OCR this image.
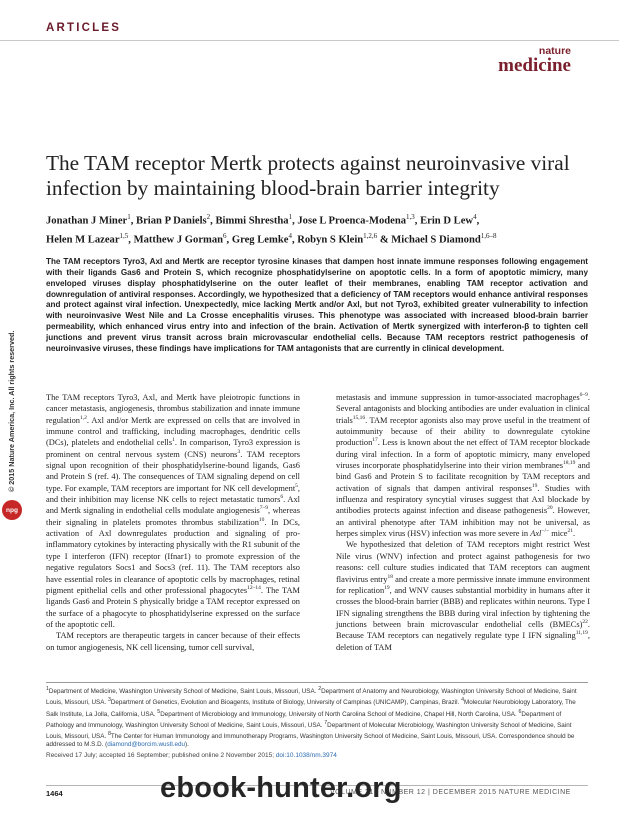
ARTICLES
nature
medicine
The TAM receptor Mertk protects against neuroinvasive viral infection by maintaining blood-brain barrier integrity
Jonathan J Miner$^1$, Brian P Daniels$^2$, Bimmi Shrestha$^1$, Jose L Proenca-Modena$^{1,3}$, Erin D Lew$^4$,
Helen M Lazear$^{1,5}$, Matthew J Gorman$^6$, Greg Lemke$^4$, Robyn S Klein$^{1,2,6}$ & Michael S Diamond$^{1,6-8}$
The TAM receptors Tyro3, Axl and Mertk are receptor tyrosine kinases that dampen host innate immune responses following engagement with their ligands Gas6 and Protein S, which recognize phosphatidylserine on apoptotic cells. In a form of apoptotic mimicry, many enveloped viruses display phosphatidylserine on the outer leaflet of their membranes, enabling TAM receptor activation and downregulation of antiviral responses. Accordingly, we hypothesized that a deficiency of TAM receptors would enhance antiviral responses and protect against viral infection. Unexpectedly, mice lacking Mertk and/or Axl, but not Tyro3, exhibited greater vulnerability to infection with neuroinvasive West Nile and La Crosse encephalitis viruses. This phenotype was associated with increased blood-brain barrier permeability, which enhanced virus entry into and infection of the brain. Activation of Mertk synergized with interferon-β to tighten cell junctions and prevent virus transit across brain microvascular endothelial cells. Because TAM receptors restrict pathogenesis of neuroinvasive viruses, these findings have implications for TAM antagonists that are currently in clinical development.

The TAM receptors Tyro3, Axl, and Mertk have pleiotropic functions in cancer metastasis, angiogenesis, thrombus stabilization and innate immune regulation$^{1,2}$. Axl and/or Mertk are expressed on cells that are involved in immune control and trafficking, including macrophages, dendritic cells (DCs), platelets and endothelial cells$^1$. In comparison, Tyro3 expression is prominent on central nervous system (CNS) neurons$^3$. TAM receptors signal upon recognition of their phosphatidylserine-bound ligands, Gas6 and Protein S (ref. 4). The consequences of TAM signaling depend on cell type. For example, TAM receptors are important for NK cell development$^5$, and their inhibition may license NK cells to reject metastatic tumors$^6$. Axl and Mertk signaling in endothelial cells modulate angiogenesis$^{7-9}$, whereas their signaling in platelets promotes thrombus stabilization$^{10}$. In DCs, activation of Axl downregulates production and signaling of pro-inflammatory cytokines by interacting physically with the R1 subunit of the type I interferon (IFN) receptor (Ifnar1) to promote expression of the negative regulators Socs1 and Socs3 (ref. 11). The TAM receptors also have essential roles in clearance of apoptotic cells by macrophages, retinal pigment epithelial cells and other professional phagocytes$^{12-14}$. The TAM ligands Gas6 and Protein S physically bridge a TAM receptor expressed on the surface of a phagocyte to phosphatidylserine expressed on the surface of the apoptotic cell.

TAM receptors are therapeutic targets in cancer because of their effects on tumor angiogenesis, NK cell licensing, tumor cell survival,

metastasis and immune suppression in tumor-associated macrophages$^{6-9}$. Several antagonists and blocking antibodies are under evaluation in clinical trials$^{15,16}$. TAM receptor agonists also may prove useful in the treatment of autoimmunity because of their ability to downregulate cytokine production$^{17}$. Less is known about the net effect of TAM receptor blockade during viral infection. In a form of apoptotic mimicry, many enveloped viruses incorporate phosphatidylserine into their virion membranes$^{18,19}$ and bind Gas6 and Protein S to facilitate recognition by TAM receptors and activation of signals that dampen antiviral responses$^{19}$. Studies with influenza and respiratory syncytial viruses suggest that Axl blockade by antibodies protects against infection and disease pathogenesis$^{20}$. However, an antiviral phenotype after TAM inhibition may not be universal, as herpes simplex virus (HSV) infection was more severe in Axl−/− mice$^{21}$.

We hypothesized that deletion of TAM receptors might restrict West Nile virus (WNV) infection and protect against pathogenesis for two reasons: cell culture studies indicated that TAM receptors can augment flavivirus entry$^{18}$ and create a more permissive innate immune environment for replication$^{19}$, and WNV causes substantial morbidity in humans after it crosses the blood-brain barrier (BBB) and replicates within neurons. Type I IFN signaling strengthens the BBB during viral infection by tightening the junctions between brain microvascular endothelial cells (BMECs)$^{22}$. Because TAM receptors can negatively regulate type I IFN signaling$^{11,19}$, deletion of TAM

$^1$Department of Medicine, Washington University School of Medicine, Saint Louis, Missouri, USA. $^2$Department of Anatomy and Neurobiology, Washington University School of Medicine, Saint Louis, Missouri, USA. $^3$Department of Genetics, Evolution and Bioagents, Institute of Biology, University of Campinas (UNICAMP), Campinas, Brazil. $^4$Molecular Neurobiology Laboratory, The Salk Institute, La Jolla, California, USA. $^5$Department of Microbiology and Immunology, University of North Carolina School of Medicine, Chapel Hill, North Carolina, USA. $^6$Department of Pathology and Immunology, Washington University School of Medicine, Saint Louis, Missouri, USA. $^7$Department of Molecular Microbiology, Washington University School of Medicine, Saint Louis, Missouri, USA. $^8$The Center for Human Immunology and Immunotherapy Programs, Washington University School of Medicine, Saint Louis, Missouri, USA. Correspondence should be addressed to M.S.D. (diamond@borcim.wustl.edu).
Received 17 July; accepted 16 September; published online 2 November 2015; doi:10.1038/nm.3974
1464	VOLUME 21 | NUMBER 12 | DECEMBER 2015 NATURE MEDICINE
© 2015 Nature America, Inc. All rights reserved.
npg
ebook-hunter.org
